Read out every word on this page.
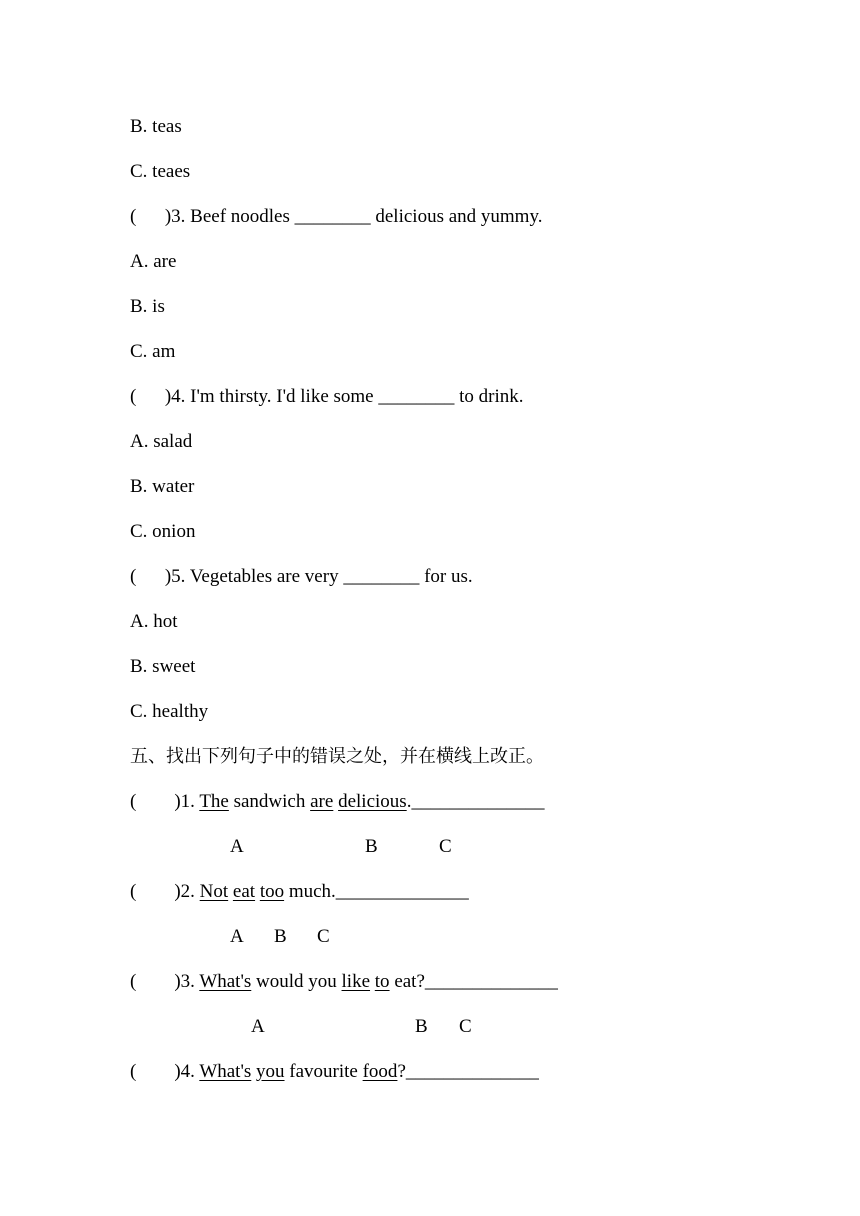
B. teas

C. teaes

(      )3. Beef noodles ________ delicious and yummy.

A. are

B. is

C. am

(      )4. I'm thirsty. I'd like some ________ to drink.

A. salad

B. water

C. onion

(      )5. Vegetables are very ________ for us.

A. hot

B. sweet

C. healthy

五、找出下列句子中的错误之处，并在横线上改正。

(        )1. The sandwich are delicious.______________

A	B	C

(        )2. Not eat too much.______________

A B C

(        )3. What's would you like to eat?______________

A	B C

(        )4. What's you favourite food?______________
